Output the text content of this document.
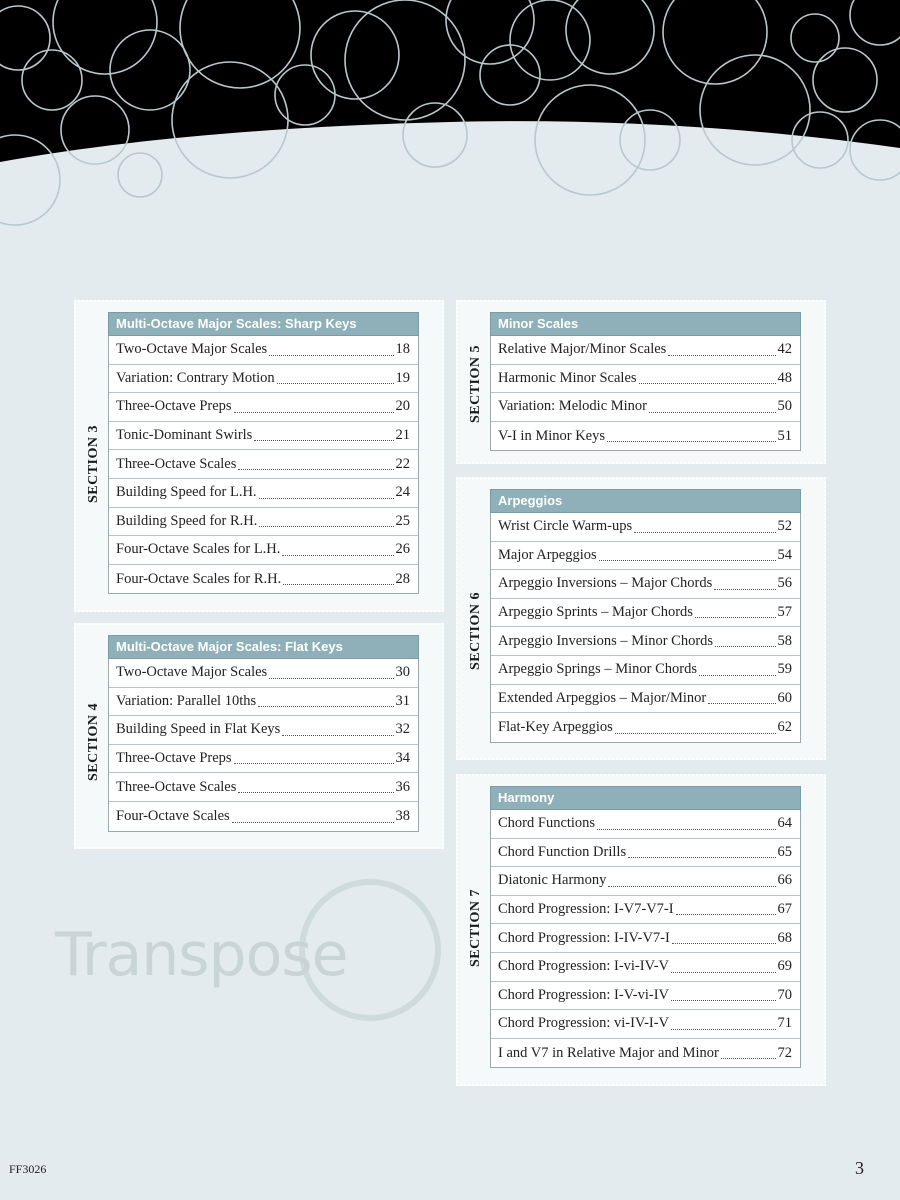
SECTION 3
Multi-Octave Major Scales: Sharp Keys
Two-Octave Major Scales	18
Variation: Contrary Motion	19
Three-Octave Preps	20
Tonic-Dominant Swirls	21
Three-Octave Scales	22
Building Speed for L.H.	24
Building Speed for R.H.	25
Four-Octave Scales for L.H.	26
Four-Octave Scales for R.H.	28
SECTION 4
Multi-Octave Major Scales: Flat Keys
Two-Octave Major Scales	30
Variation: Parallel 10ths	31
Building Speed in Flat Keys	32
Three-Octave Preps	34
Three-Octave Scales	36
Four-Octave Scales	38
SECTION 5
Minor Scales
Relative Major/Minor Scales	42
Harmonic Minor Scales	48
Variation: Melodic Minor	50
V-I in Minor Keys	51
SECTION 6
Arpeggios
Wrist Circle Warm-ups	52
Major Arpeggios	54
Arpeggio Inversions – Major Chords	56
Arpeggio Sprints – Major Chords	57
Arpeggio Inversions – Minor Chords	58
Arpeggio Springs – Minor Chords	59
Extended Arpeggios – Major/Minor	60
Flat-Key Arpeggios	62
SECTION 7
Harmony
Chord Functions	64
Chord Function Drills	65
Diatonic Harmony	66
Chord Progression: I-V7-V7-I	67
Chord Progression: I-IV-V7-I	68
Chord Progression: I-vi-IV-V	69
Chord Progression: I-V-vi-IV	70
Chord Progression: vi-IV-I-V	71
I and V7 in Relative Major and Minor	72
Transpose
FF3026	3
